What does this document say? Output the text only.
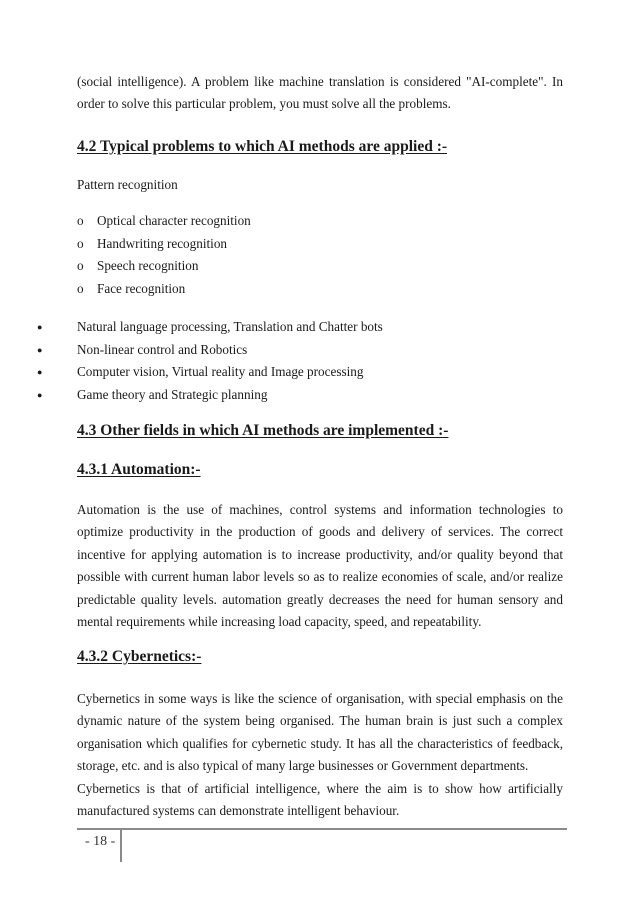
(social intelligence). A problem like machine translation is considered "AI-complete". In order to solve this particular problem, you must solve all the problems.

4.2 Typical problems to which AI methods are applied :-

Pattern recognition

o Optical character recognition
o Handwriting recognition
o Speech recognition
o Face recognition
●	Natural language processing, Translation and Chatter bots
●	Non-linear control and Robotics
●	Computer vision, Virtual reality and Image processing
●	Game theory and Strategic planning
4.3 Other fields in which AI methods are implemented :-
4.3.1 Automation:-

Automation is the use of machines, control systems and information technologies to optimize productivity in the production of goods and delivery of services. The correct incentive for applying automation is to increase productivity, and/or quality beyond that possible with current human labor levels so as to realize economies of scale, and/or realize predictable quality levels. automation greatly decreases the need for human sensory and mental requirements while increasing load capacity, speed, and repeatability.

4.3.2 Cybernetics:-

Cybernetics in some ways is like the science of organisation, with special emphasis on the dynamic nature of the system being organised. The human brain is just such a complex organisation which qualifies for cybernetic study. It has all the characteristics of feedback, storage, etc. and is also typical of many large businesses or Government departments.

Cybernetics is that of artificial intelligence, where the aim is to show how artificially manufactured systems can demonstrate intelligent behaviour.

- 18 -
